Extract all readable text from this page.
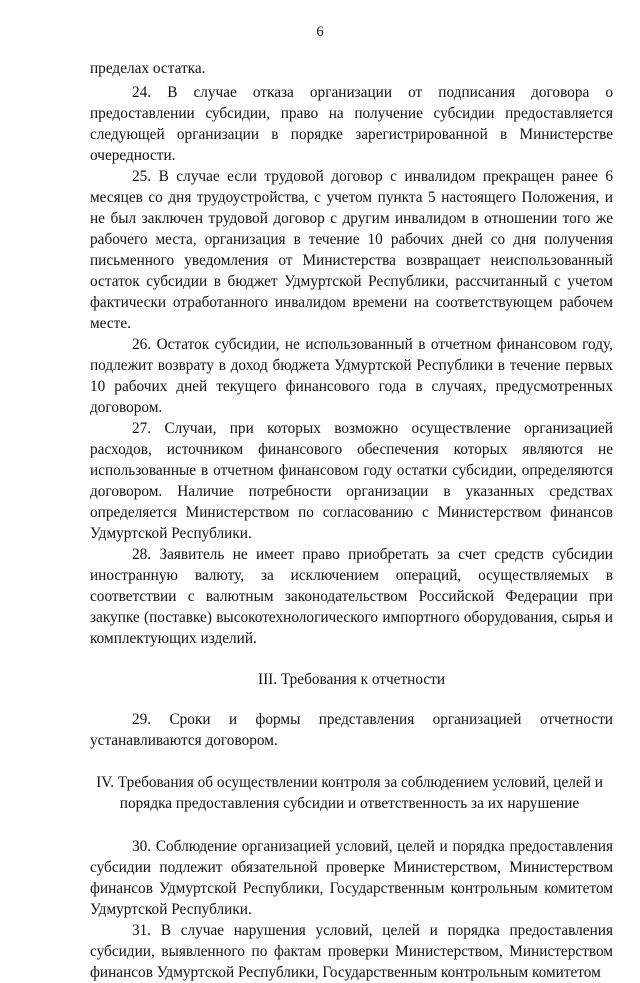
6

пределах остатка.

24. В случае отказа организации от подписания договора о предоставлении субсидии, право на получение субсидии предоставляется следующей организации в порядке зарегистрированной в Министерстве очередности.

25. В случае если трудовой договор с инвалидом прекращен ранее 6 месяцев со дня трудоустройства, с учетом пункта 5 настоящего Положения, и не был заключен трудовой договор с другим инвалидом в отношении того же рабочего места, организация в течение 10 рабочих дней со дня получения письменного уведомления от Министерства возвращает неиспользованный остаток субсидии в бюджет Удмуртской Республики, рассчитанный с учетом фактически отработанного инвалидом времени на соответствующем рабочем месте.

26. Остаток субсидии, не использованный в отчетном финансовом году, подлежит возврату в доход бюджета Удмуртской Республики в течение первых 10 рабочих дней текущего финансового года в случаях, предусмотренных договором.

27. Случаи, при которых возможно осуществление организацией расходов, источником финансового обеспечения которых являются не использованные в отчетном финансовом году остатки субсидии, определяются договором. Наличие потребности организации в указанных средствах определяется Министерством по согласованию с Министерством финансов Удмуртской Республики.

28. Заявитель не имеет право приобретать за счет средств субсидии иностранную валюту, за исключением операций, осуществляемых в соответствии с валютным законодательством Российской Федерации при закупке (поставке) высокотехнологического импортного оборудования, сырья и комплектующих изделий.

III. Требования к отчетности

29. Сроки и формы представления организацией отчетности устанавливаются договором.

IV. Требования об осуществлении контроля за соблюдением условий, целей и порядка предоставления субсидии и ответственность за их нарушение

30. Соблюдение организацией условий, целей и порядка предоставления субсидии подлежит обязательной проверке Министерством, Министерством финансов Удмуртской Республики, Государственным контрольным комитетом Удмуртской Республики.

31. В случае нарушения условий, целей и порядка предоставления субсидии, выявленного по фактам проверки Министерством, Министерством финансов Удмуртской Республики, Государственным контрольным комитетом
